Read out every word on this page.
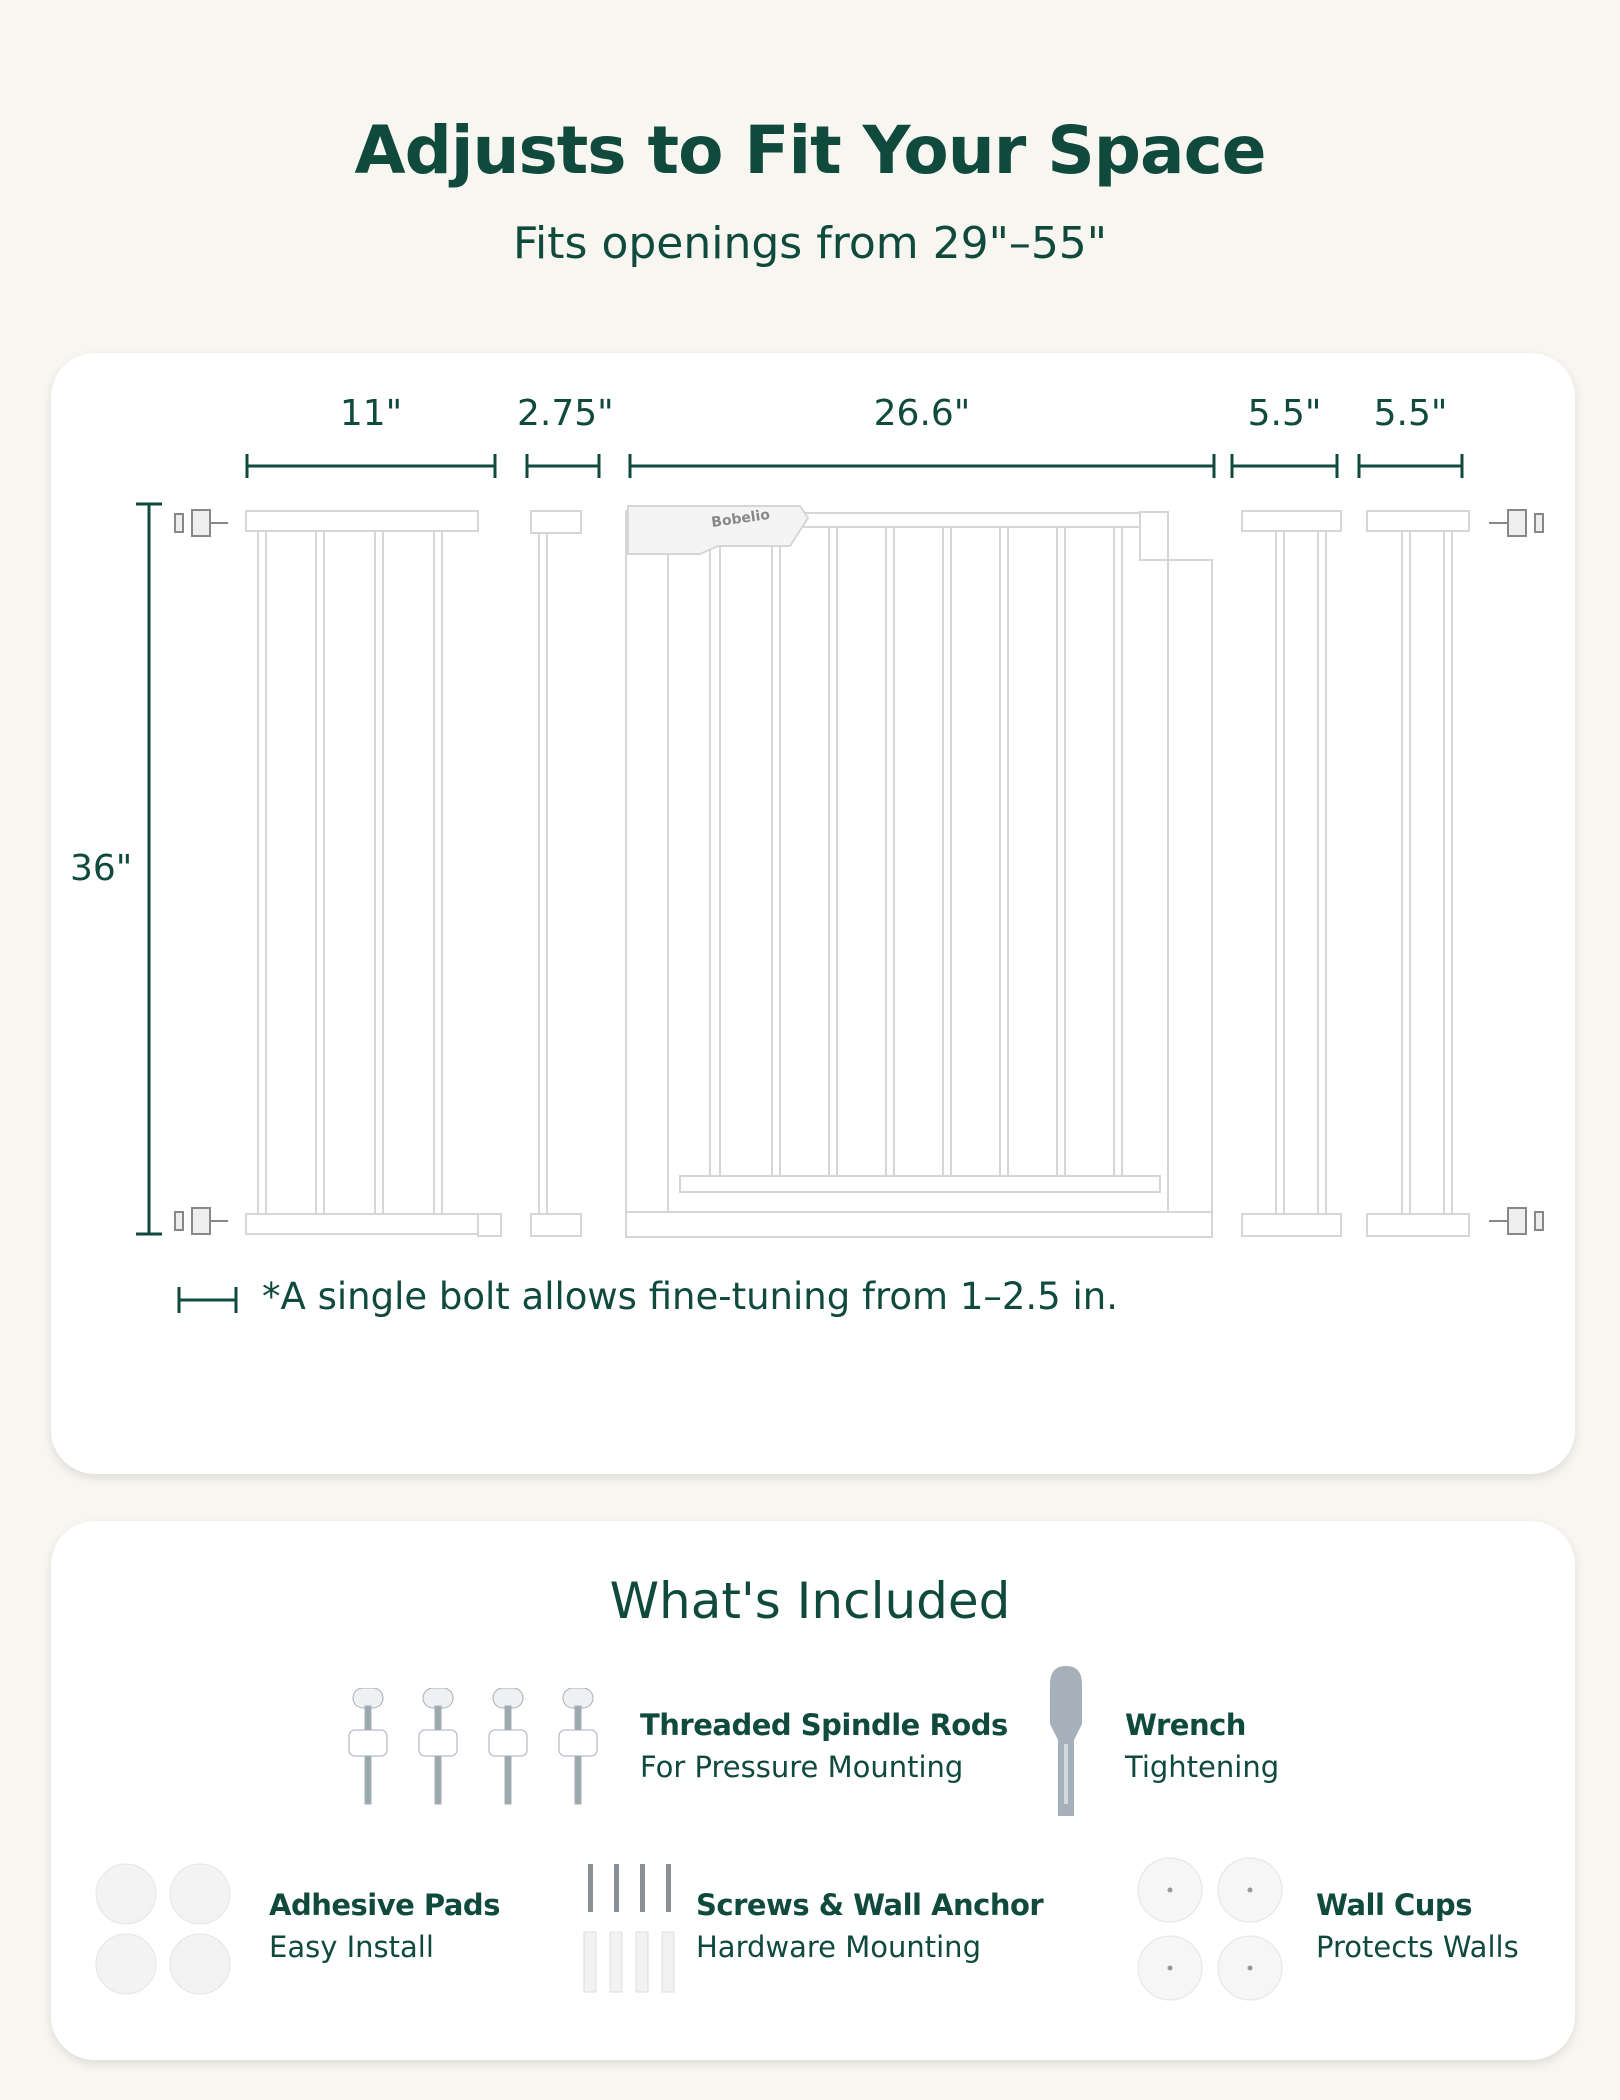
Adjusts to Fit Your Space
Fits openings from 29"–55"
11"	2.75"	26.6"	5.5"	5.5"
36"
Bobelio
*A single bolt allows fine-tuning from 1–2.5 in.
What's Included
Threaded Spindle Rods
For Pressure Mounting
Wrench
Tightening
Adhesive Pads
Easy Install
Screws & Wall Anchor
Hardware Mounting
Wall Cups
Protects Walls
